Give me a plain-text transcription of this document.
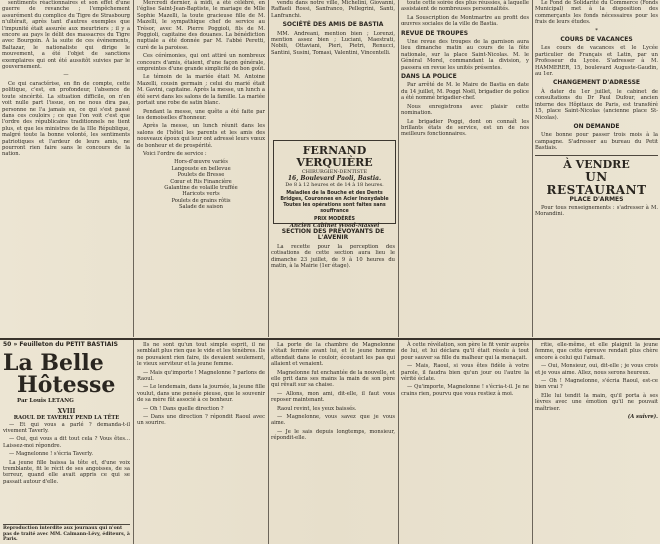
sentiments réactionnaires et son effet d'une guerre de revanche ; l'empêchement assurément du complice du Tigre de Strasbourg n'ultérait, après tant d'autres exemples que l'impunité était assurée aux meurtriers ; il y a encore au pays le délit des massacres du Tigre avec Bourgoin. À la suite de ces événements, Baltazar, le nationaliste qui dirige le mouvement, a été l'objet de sanctions exemplaires qui ont été aussitôt suivies par le gouvernement.

—

Ce qui caractérise, en fin de compte, cette politique, c'est, en profondeur, l'absence de toute sincérité. La situation difficile, on n'en voit nulle part l'issue, on ne nous dira pas, personne ne l'a jamais su, ce qui s'est passé dans ces couloirs ; ce que l'on voit c'est que l'ordre des républicains traditionnels ne tient plus, et que les ministres de la IIIe République, malgré toute la bonne volonté, les sentiments patriotiques et l'ardeur de leurs amis, ne pourront rien faire sans le concours de la nation.

Mercredi dernier, à midi, a été célébré, en l'église Saint-Jean-Baptiste, le mariage de Mlle Sophie Mazelli, la toute gracieuse fille de M. Mazelli, le sympathique chef de service au Trésor, avec M. Pierre Poggioli, fils de M. Poggioli, capitaine des douanes. La bénédiction nuptiale a été donnée par M. l'abbé Peretti, curé de la paroisse.

Ces cérémonies, qui ont attiré un nombreux concours d'amis, étaient, d'une façon générale, empreintes d'une grande simplicité de bon goût.

Le témoin de la mariée était M. Antoine Mazelli, cousin germain ; celui du marié était M. Gavini, capitaine. Après la messe, un lunch a été servi dans les salons de la famille. La mariée portait une robe de satin blanc.

Pendant la messe, une quête a été faite par les demoiselles d'honneur.

Après la messe, un lunch réunit dans les salons de l'hôtel les parents et les amis des nouveaux époux qui leur ont adressé leurs vœux de bonheur et de prospérité.

Voici l'ordre de service :

Hors-d'œuvre variés
Langouste en bellevue
Poulets de Bresse
Cœur et Ris Financière
Galantine de volaille truffée
Haricots verts
Poulets de grains rôtis
Salade de saison

vendu dans notre ville, Michelini, Giovanni, Raffaeli Rossi, Sanfranco, Pellegrini, Santi, Lanfranchi.

SOCIÉTÉ DES AMIS DE BASTIA

MM. Andreani, mention bien ; Lorenzi, mention assez bien ; Luciani, Maestrati, Nobili, Ottaviani, Pieri, Pietri, Renucci, Santini, Susini, Tomasi, Valentini, Vincentelli.

FERNAND VERQUIÈRE
CHIRURGIEN-DENTISTE
16, Boulevard Paoli, Bastia.
De 8 à 12 heures et de 14 à 18 heures.
Maladies de la Bouche et des Dents
Bridges, Couronnes en Acier Inoxydable
Toutes les opérations sont faites sans souffrance
PRIX MODÉRÉS
Ancien Cabinet Wood-Massei

SECTION DES PRÉVOYANTS DE L'AVENIR

La recette pour la perception des cotisations de cette section aura lieu le dimanche 23 juillet, de 9 à 10 heures du matin, à la Mairie (1er étage).

toute cette soirée des plus réussies, à laquelle assistaient de nombreuses personnalités.

La Souscription de Montmartre au profit des œuvres sociales de la ville de Bastia.

REVUE DE TROUPES

Une revue des troupes de la garnison aura lieu dimanche matin au cours de la fête nationale, sur la place Saint-Nicolas. M. le Général Morel, commandant la division, y passera en revue les unités présentes.

DANS LA POLICE

Par arrêté de M. le Maire de Bastia en date du 14 juillet, M. Poggi Noël, brigadier de police a été nommé brigadier-chef.

Nous enregistrons avec plaisir cette nomination.

Le brigadier Poggi, dont on connaît les brillants états de service, est un de nos meilleurs fonctionnaires.

Le Fond de Solidarité du Commerce (Fonds Municipal) met à la disposition des commerçants les fonds nécessaires pour les frais de leurs études.

*

COURS DE VACANCES

Les cours de vacances et le Lycée particulier de Français et Latin, par un Professeur du Lycée. S'adresser à M. HAMMERER, 15, boulevard Auguste-Gaudin, au 1er.

CHANGEMENT D'ADRESSE

À dater du 1er juillet, le cabinet de consultations du Dr Paul Dufour, ancien interne des Hôpitaux de Paris, est transféré 15, place Saint-Nicolas (ancienne place St-Nicolas).

ON DEMANDE

Une bonne pour passer trois mois à la campagne. S'adresser au bureau du Petit Bastiais.

À VENDRE
UN RESTAURANT
PLACE D'ARMES

Pour tous renseignements : s'adresser à M. Morandini.

50 » Feuilleton du PETIT BASTIAIS
La Belle
Hôtesse
Par Louis LETANG
XVIII
RAOUL DE TAVERLY PEND LA TÊTE

— Et qui vous a parlé ? demanda-t-il vivement Taverly.

— Oui, qui vous a dit tout cela ? Vous êtes... Laissez-moi répondre.

— Magnelonne ! s'écria Taverly.

La jeune fille baissa la tête et, d'une voix tremblante, fit le récit de ses angoisses, de sa terreur, quand elle avait appris ce qui se passait autour d'elle.

Reproduction interdite aux journaux qui n'ont pas de traité avec MM. Calmann-Lévy, éditeurs, à Paris.

Ils ne sont qu'un tout simple esprit, il ne semblait plus rien que le vide et les ténèbres. Ils ne pouvaient rien faire, ils devaient seulement, le vieux serviteur et la jeune femme.

— Mais qu'importe ! Magnelonne ? parlons de Raoul.

— Le lendemain, dans la journée, la jeune fille voulut, dans une pensée pieuse, que le souvenir de sa mère fût associé à ce bonheur.

— Oh ! Dans quelle direction ?

— Dans une direction ? répondit Raoul avec un sourire.

La porte de la chambre de Magnelonne s'était fermée avant lui, et le jeune homme attendait dans le couloir, écoutant les pas qui allaient et venaient.

Magnelonne fut enchantée de la nouvelle, et elle prit dans ses mains la main de son père qui rêvait sur sa chaise.

— Allons, mon ami, dit-elle, il faut vous reposer maintenant.

Raoul revint, les yeux baissés.

— Magnelonne, vous savez que je vous aime.

— Je le sais depuis longtemps, monsieur, répondit-elle.

À cette révélation, son père le fit venir auprès de lui, et lui déclara qu'il était résolu à tout pour sauver sa fille du malheur qui la menaçait.

— Mais, Raoul, si vous êtes fidèle à votre parole, il faudra bien qu'un jour ou l'autre la vérité éclate.

— Qu'importe, Magnelonne ! s'écria-t-il. Je ne crains rien, pourvu que vous restiez à moi.

ritie, elle-même, et elle plaignit la jeune femme, que cette épreuve rendait plus chère encore à celui qui l'aimait.

— Oui, Monsieur, oui, dit-elle ; je vous crois et je vous aime. Allez, nous serons heureux.

— Oh ! Magnelonne, s'écria Raoul, est-ce bien vrai ?

Elle lui tendit la main, qu'il porta à ses lèvres avec une émotion qu'il ne pouvait maîtriser.

(A suivre).
